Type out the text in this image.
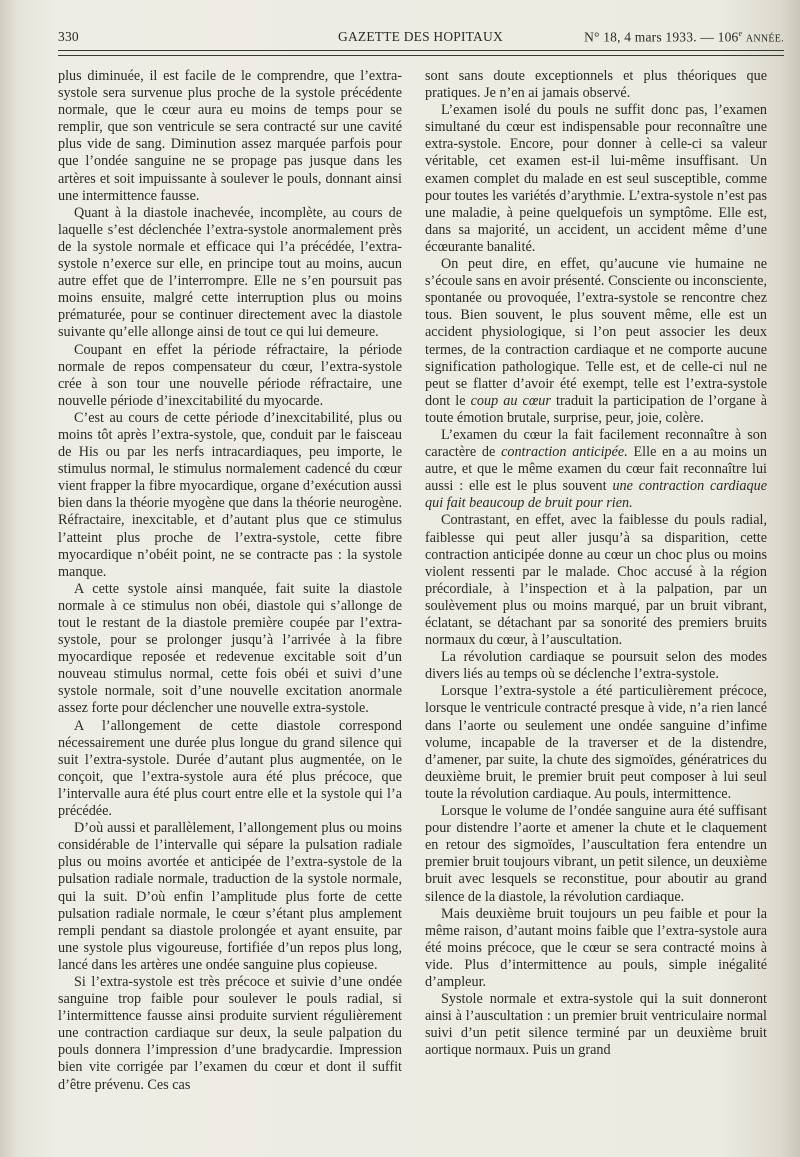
330	GAZETTE DES HOPITAUX	N° 18, 4 mars 1933. — 106e ANNÉE.

plus diminuée, il est facile de le comprendre, que l’extra-systole sera survenue plus proche de la systole précédente normale, que le cœur aura eu moins de temps pour se remplir, que son ventricule se sera contracté sur une cavité plus vide de sang. Diminution assez marquée parfois pour que l’ondée sanguine ne se propage pas jusque dans les artères et soit impuissante à soulever le pouls, donnant ainsi une intermittence fausse.

Quant à la diastole inachevée, incomplète, au cours de laquelle s’est déclenchée l’extra-systole anormalement près de la systole normale et efficace qui l’a précédée, l’extra-systole n’exerce sur elle, en principe tout au moins, aucun autre effet que de l’interrompre. Elle ne s’en poursuit pas moins ensuite, malgré cette interruption plus ou moins prématurée, pour se continuer directement avec la diastole suivante qu’elle allonge ainsi de tout ce qui lui demeure.

Coupant en effet la période réfractaire, la période normale de repos compensateur du cœur, l’extra-systole crée à son tour une nouvelle période réfractaire, une nouvelle période d’inexcitabilité du myocarde.

C’est au cours de cette période d’inexcitabilité, plus ou moins tôt après l’extra-systole, que, conduit par le faisceau de His ou par les nerfs intracardiaques, peu importe, le stimulus normal, le stimulus normalement cadencé du cœur vient frapper la fibre myocardique, organe d’exécution aussi bien dans la théorie myogène que dans la théorie neurogène. Réfractaire, inexcitable, et d’autant plus que ce stimulus l’atteint plus proche de l’extra-systole, cette fibre myocardique n’obéit point, ne se contracte pas : la systole manque.

A cette systole ainsi manquée, fait suite la diastole normale à ce stimulus non obéi, diastole qui s’allonge de tout le restant de la diastole première coupée par l’extra-systole, pour se prolonger jusqu’à l’arrivée à la fibre myocardique reposée et redevenue excitable soit d’un nouveau stimulus normal, cette fois obéi et suivi d’une systole normale, soit d’une nouvelle excitation anormale assez forte pour déclencher une nouvelle extra-systole.

A l’allongement de cette diastole correspond nécessairement une durée plus longue du grand silence qui suit l’extra-systole. Durée d’autant plus augmentée, on le conçoit, que l’extra-systole aura été plus précoce, que l’intervalle aura été plus court entre elle et la systole qui l’a précédée.

D’où aussi et parallèlement, l’allongement plus ou moins considérable de l’intervalle qui sépare la pulsation radiale plus ou moins avortée et anticipée de l’extra-systole de la pulsation radiale normale, traduction de la systole normale, qui la suit. D’où enfin l’amplitude plus forte de cette pulsation radiale normale, le cœur s’étant plus amplement rempli pendant sa diastole prolongée et ayant ensuite, par une systole plus vigoureuse, fortifiée d’un repos plus long, lancé dans les artères une ondée sanguine plus copieuse.

Si l’extra-systole est très précoce et suivie d’une ondée sanguine trop faible pour soulever le pouls radial, si l’intermittence fausse ainsi produite survient régulièrement une contraction cardiaque sur deux, la seule palpation du pouls donnera l’impression d’une bradycardie. Impression bien vite corrigée par l’examen du cœur et dont il suffit d’être prévenu. Ces cas

sont sans doute exceptionnels et plus théoriques que pratiques. Je n’en ai jamais observé.

L’examen isolé du pouls ne suffit donc pas, l’examen simultané du cœur est indispensable pour reconnaître une extra-systole. Encore, pour donner à celle-ci sa valeur véritable, cet examen est-il lui-même insuffisant. Un examen complet du malade en est seul susceptible, comme pour toutes les variétés d’arythmie. L’extra-systole n’est pas une maladie, à peine quelquefois un symptôme. Elle est, dans sa majorité, un accident, un accident même d’une écœurante banalité.

On peut dire, en effet, qu’aucune vie humaine ne s’écoule sans en avoir présenté. Consciente ou inconsciente, spontanée ou provoquée, l’extra-systole se rencontre chez tous. Bien souvent, le plus souvent même, elle est un accident physiologique, si l’on peut associer les deux termes, de la contraction cardiaque et ne comporte aucune signification pathologique. Telle est, et de celle-ci nul ne peut se flatter d’avoir été exempt, telle est l’extra-systole dont le coup au cœur traduit la participation de l’organe à toute émotion brutale, surprise, peur, joie, colère.

L’examen du cœur la fait facilement reconnaître à son caractère de contraction anticipée. Elle en a au moins un autre, et que le même examen du cœur fait reconnaître lui aussi : elle est le plus souvent une contraction cardiaque qui fait beaucoup de bruit pour rien.

Contrastant, en effet, avec la faiblesse du pouls radial, faiblesse qui peut aller jusqu’à sa disparition, cette contraction anticipée donne au cœur un choc plus ou moins violent ressenti par le malade. Choc accusé à la région précordiale, à l’inspection et à la palpation, par un soulèvement plus ou moins marqué, par un bruit vibrant, éclatant, se détachant par sa sonorité des premiers bruits normaux du cœur, à l’auscultation.

La révolution cardiaque se poursuit selon des modes divers liés au temps où se déclenche l’extra-systole.

Lorsque l’extra-systole a été particulièrement précoce, lorsque le ventricule contracté presque à vide, n’a rien lancé dans l’aorte ou seulement une ondée sanguine d’infime volume, incapable de la traverser et de la distendre, d’amener, par suite, la chute des sigmoïdes, génératrices du deuxième bruit, le premier bruit peut composer à lui seul toute la révolution cardiaque. Au pouls, intermittence.

Lorsque le volume de l’ondée sanguine aura été suffisant pour distendre l’aorte et amener la chute et le claquement en retour des sigmoïdes, l’auscultation fera entendre un premier bruit toujours vibrant, un petit silence, un deuxième bruit avec lesquels se reconstitue, pour aboutir au grand silence de la diastole, la révolution cardiaque.

Mais deuxième bruit toujours un peu faible et pour la même raison, d’autant moins faible que l’extra-systole aura été moins précoce, que le cœur se sera contracté moins à vide. Plus d’intermittence au pouls, simple inégalité d’ampleur.

Systole normale et extra-systole qui la suit donneront ainsi à l’auscultation : un premier bruit ventriculaire normal suivi d’un petit silence terminé par un deuxième bruit aortique normaux. Puis un grand
